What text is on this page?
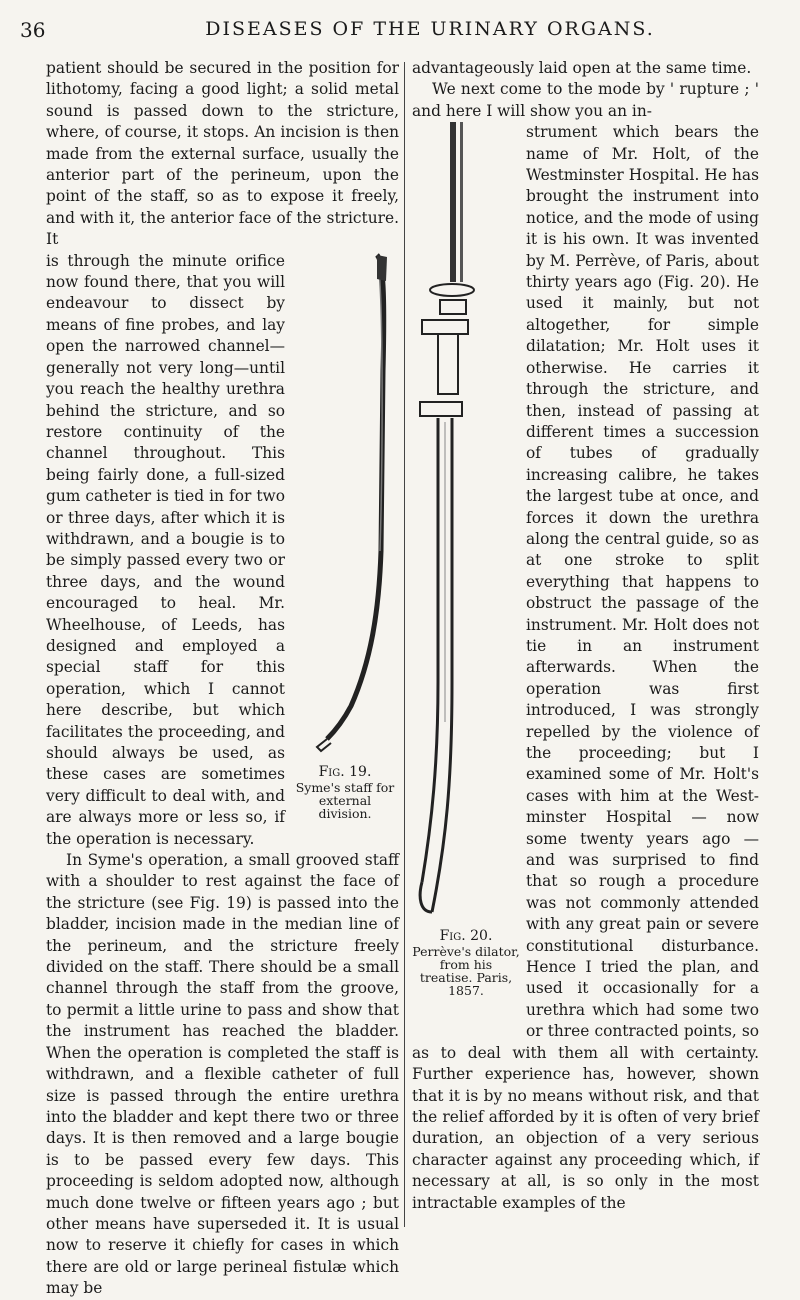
36	DISEASES OF THE URINARY ORGANS.

patient should be secured in the position for lithotomy, facing a good light; a solid metal sound is passed down to the stricture, where, of course, it stops. An incision is then made from the external surface, usually the anterior part of the perineum, upon the point of the staff, so as to expose it freely, and with it, the anterior face of the stricture. It

Fig. 19.
Syme's staff for external division.

is through the minute orifice now found there, that you will endeavour to dissect by means of fine probes, and lay open the narrowed channel—generally not very long—until you reach the healthy urethra behind the stricture, and so restore continuity of the channel throughout. This being fairly done, a full-sized gum catheter is tied in for two or three days, after which it is withdrawn, and a bougie is to be simply passed every two or three days, and the wound encouraged to heal. Mr. Wheelhouse, of Leeds, has designed and employed a special staff for this operation, which I cannot here describe, but which facilitates the proceeding, and should always be used, as these cases are sometimes very difficult to deal with, and are always more or less so, if the operation is necessary.

In Syme's operation, a small grooved staff with a shoulder to rest against the face of the stricture (see Fig. 19) is passed into the bladder, incision made in the median line of the perineum, and the stricture freely divided on the staff. There should be a small channel through the staff from the groove, to permit a little urine to pass and show that the instrument has reached the bladder. When the operation is completed the staff is withdrawn, and a flexible catheter of full size is passed through the entire urethra into the bladder and kept there two or three days. It is then removed and a large bougie is to be passed every few days. This proceeding is seldom adopted now, although much done twelve or fifteen years ago ; but other means have superseded it. It is usual now to reserve it chiefly for cases in which there are old or large perineal fistulæ which may be

advantageously laid open at the same time.

We next come to the mode by ' rupture ; ' and here I will show you an in-

Fig. 20.
Perrève's dilator, from his treatise. Paris, 1857.

strument which bears the name of Mr. Holt, of the Westminster Hospital. He has brought the instrument into notice, and the mode of using it is his own. It was invented by M. Perrève, of Paris, about thirty years ago (Fig. 20). He used it mainly, but not altogether, for simple dilatation; Mr. Holt uses it otherwise. He carries it through the stricture, and then, instead of passing at different times a succession of tubes of gradually increasing calibre, he takes the largest tube at once, and forces it down the urethra along the central guide, so as at one stroke to split everything that happens to obstruct the passage of the instrument. Mr. Holt does not tie in an instrument afterwards. When the operation was first introduced, I was strongly repelled by the violence of the proceeding; but I examined some of Mr. Holt's cases with him at the West-minster Hospital — now some twenty years ago — and was surprised to find that so rough a procedure was not commonly attended with any great pain or severe constitutional disturbance. Hence I tried the plan, and used it occasionally for a urethra which had some two or three contracted points, so as to deal with them all with certainty. Further experience has, however, shown that it is by no means without risk, and that the relief afforded by it is often of very brief duration, an objection of a very serious character against any proceeding which, if necessary at all, is so only in the most intractable examples of the
